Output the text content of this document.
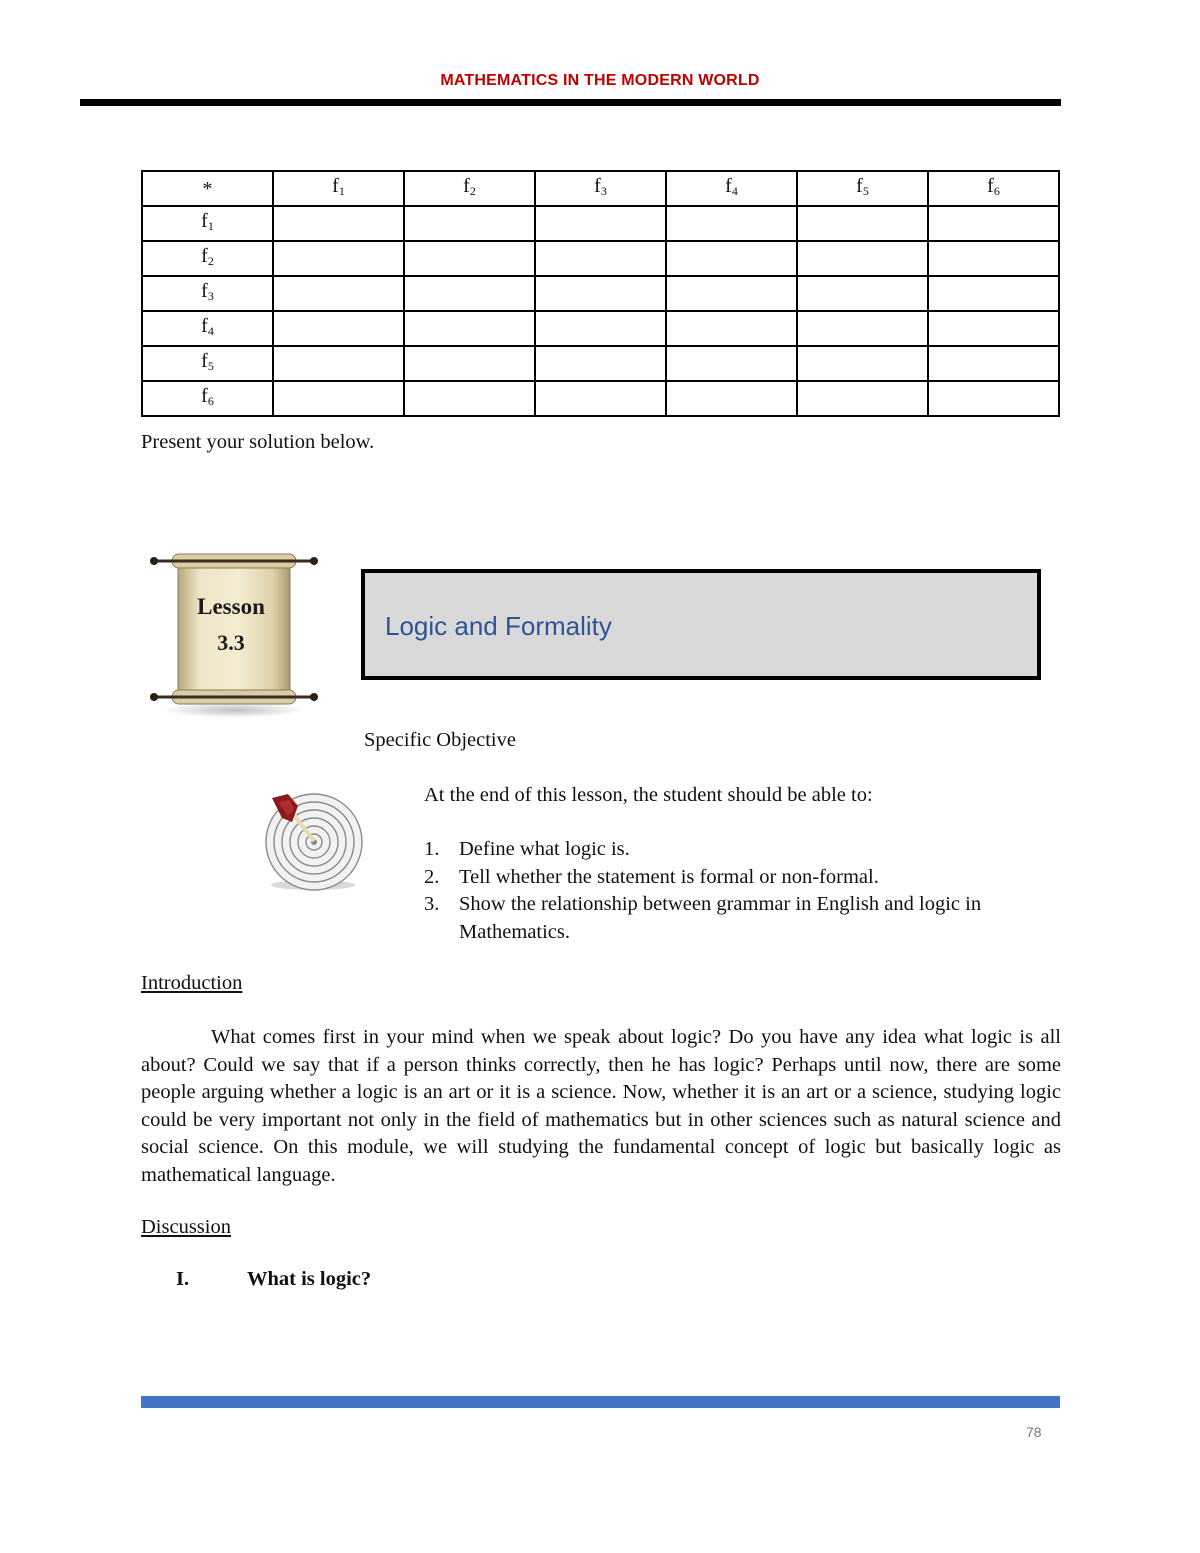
MATHEMATICS IN THE MODERN WORLD
*	$f_1$	$f_2$	$f_3$	$f_4$	$f_5$	$f_6$
$f_1$						
$f_2$						
$f_3$						
$f_4$						
$f_5$						
$f_6$						
Present your solution below.
Lesson
3.3
Logic and Formality
Specific Objective
At the end of this lesson, the student should be able to:
1. Define what logic is.
2. Tell whether the statement is formal or non-formal.
3. Show the relationship between grammar in English and logic in Mathematics.
Introduction
What comes first in your mind when we speak about logic? Do you have any idea what logic is all about? Could we say that if a person thinks correctly, then he has logic? Perhaps until now, there are some people arguing whether a logic is an art or it is a science. Now, whether it is an art or a science, studying logic could be very important not only in the field of mathematics but in other sciences such as natural science and social science. On this module, we will studying the fundamental concept of logic but basically logic as mathematical language.
Discussion
I.	What is logic?
78
